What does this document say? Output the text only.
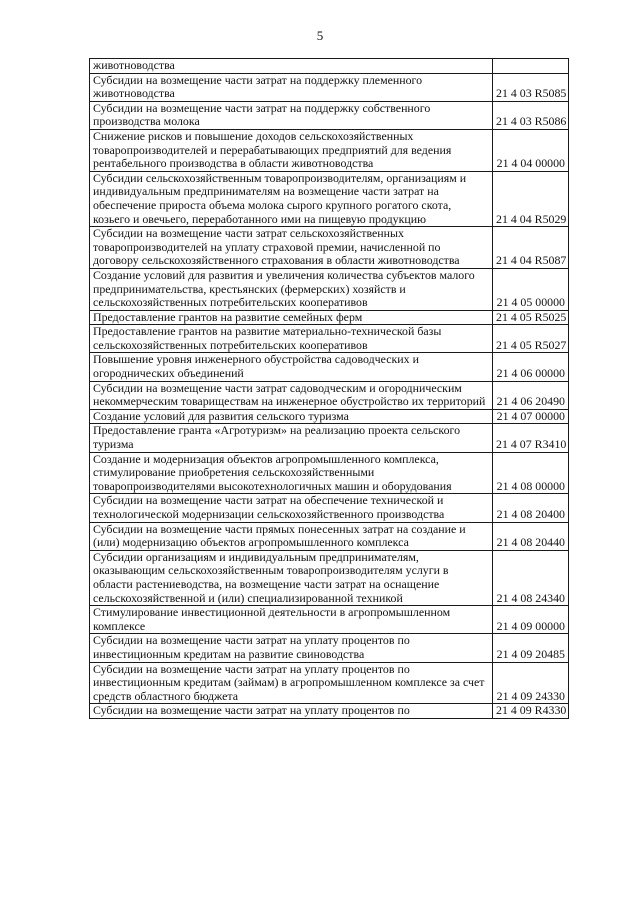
5
животноводства	
Субсидии на возмещение части затрат на поддержку племенного животноводства	21 4 03 R5085
Субсидии на возмещение части затрат на поддержку собственного производства молока	21 4 03 R5086
Снижение рисков и повышение доходов сельскохозяйственных товаропроизводителей и перерабатывающих предприятий для ведения рентабельного производства в области животноводства	21 4 04 00000
Субсидии сельскохозяйственным товаропроизводителям, организациям и индивидуальным предпринимателям на возмещение части затрат на обеспечение прироста объема молока сырого крупного рогатого скота, козьего и овечьего, переработанного ими на пищевую продукцию	21 4 04 R5029
Субсидии на возмещение части затрат сельскохозяйственных товаропроизводителей на уплату страховой премии, начисленной по договору сельскохозяйственного страхования в области животноводства	21 4 04 R5087
Создание условий для развития и увеличения количества субъектов малого предпринимательства, крестьянских (фермерских) хозяйств и сельскохозяйственных потребительских кооперативов	21 4 05 00000
Предоставление грантов на развитие семейных ферм	21 4 05 R5025
Предоставление грантов на развитие материально-технической базы сельскохозяйственных потребительских кооперативов	21 4 05 R5027
Повышение уровня инженерного обустройства садоводческих и огороднических объединений	21 4 06 00000
Субсидии на возмещение части затрат садоводческим и огородническим некоммерческим товариществам на инженерное обустройство их территорий	21 4 06 20490
Создание условий для развития сельского туризма	21 4 07 00000
Предоставление гранта «Агротуризм» на реализацию проекта сельского туризма	21 4 07 R3410
Создание и модернизация объектов агропромышленного комплекса, стимулирование приобретения сельскохозяйственными товаропроизводителями высокотехнологичных машин и оборудования	21 4 08 00000
Субсидии на возмещение части затрат на обеспечение технической и технологической модернизации сельскохозяйственного производства	21 4 08 20400
Субсидии на возмещение части прямых понесенных затрат на создание и (или) модернизацию объектов агропромышленного комплекса	21 4 08 20440
Субсидии организациям и индивидуальным предпринимателям, оказывающим сельскохозяйственным товаропроизводителям услуги в области растениеводства, на возмещение части затрат на оснащение сельскохозяйственной и (или) специализированной техникой	21 4 08 24340
Стимулирование инвестиционной деятельности в агропромышленном комплексе	21 4 09 00000
Субсидии на возмещение части затрат на уплату процентов по инвестиционным кредитам на развитие свиноводства	21 4 09 20485
Субсидии на возмещение части затрат на уплату процентов по инвестиционным кредитам (займам) в агропромышленном комплексе за счет средств областного бюджета	21 4 09 24330
Субсидии на возмещение части затрат на уплату процентов по	21 4 09 R4330
